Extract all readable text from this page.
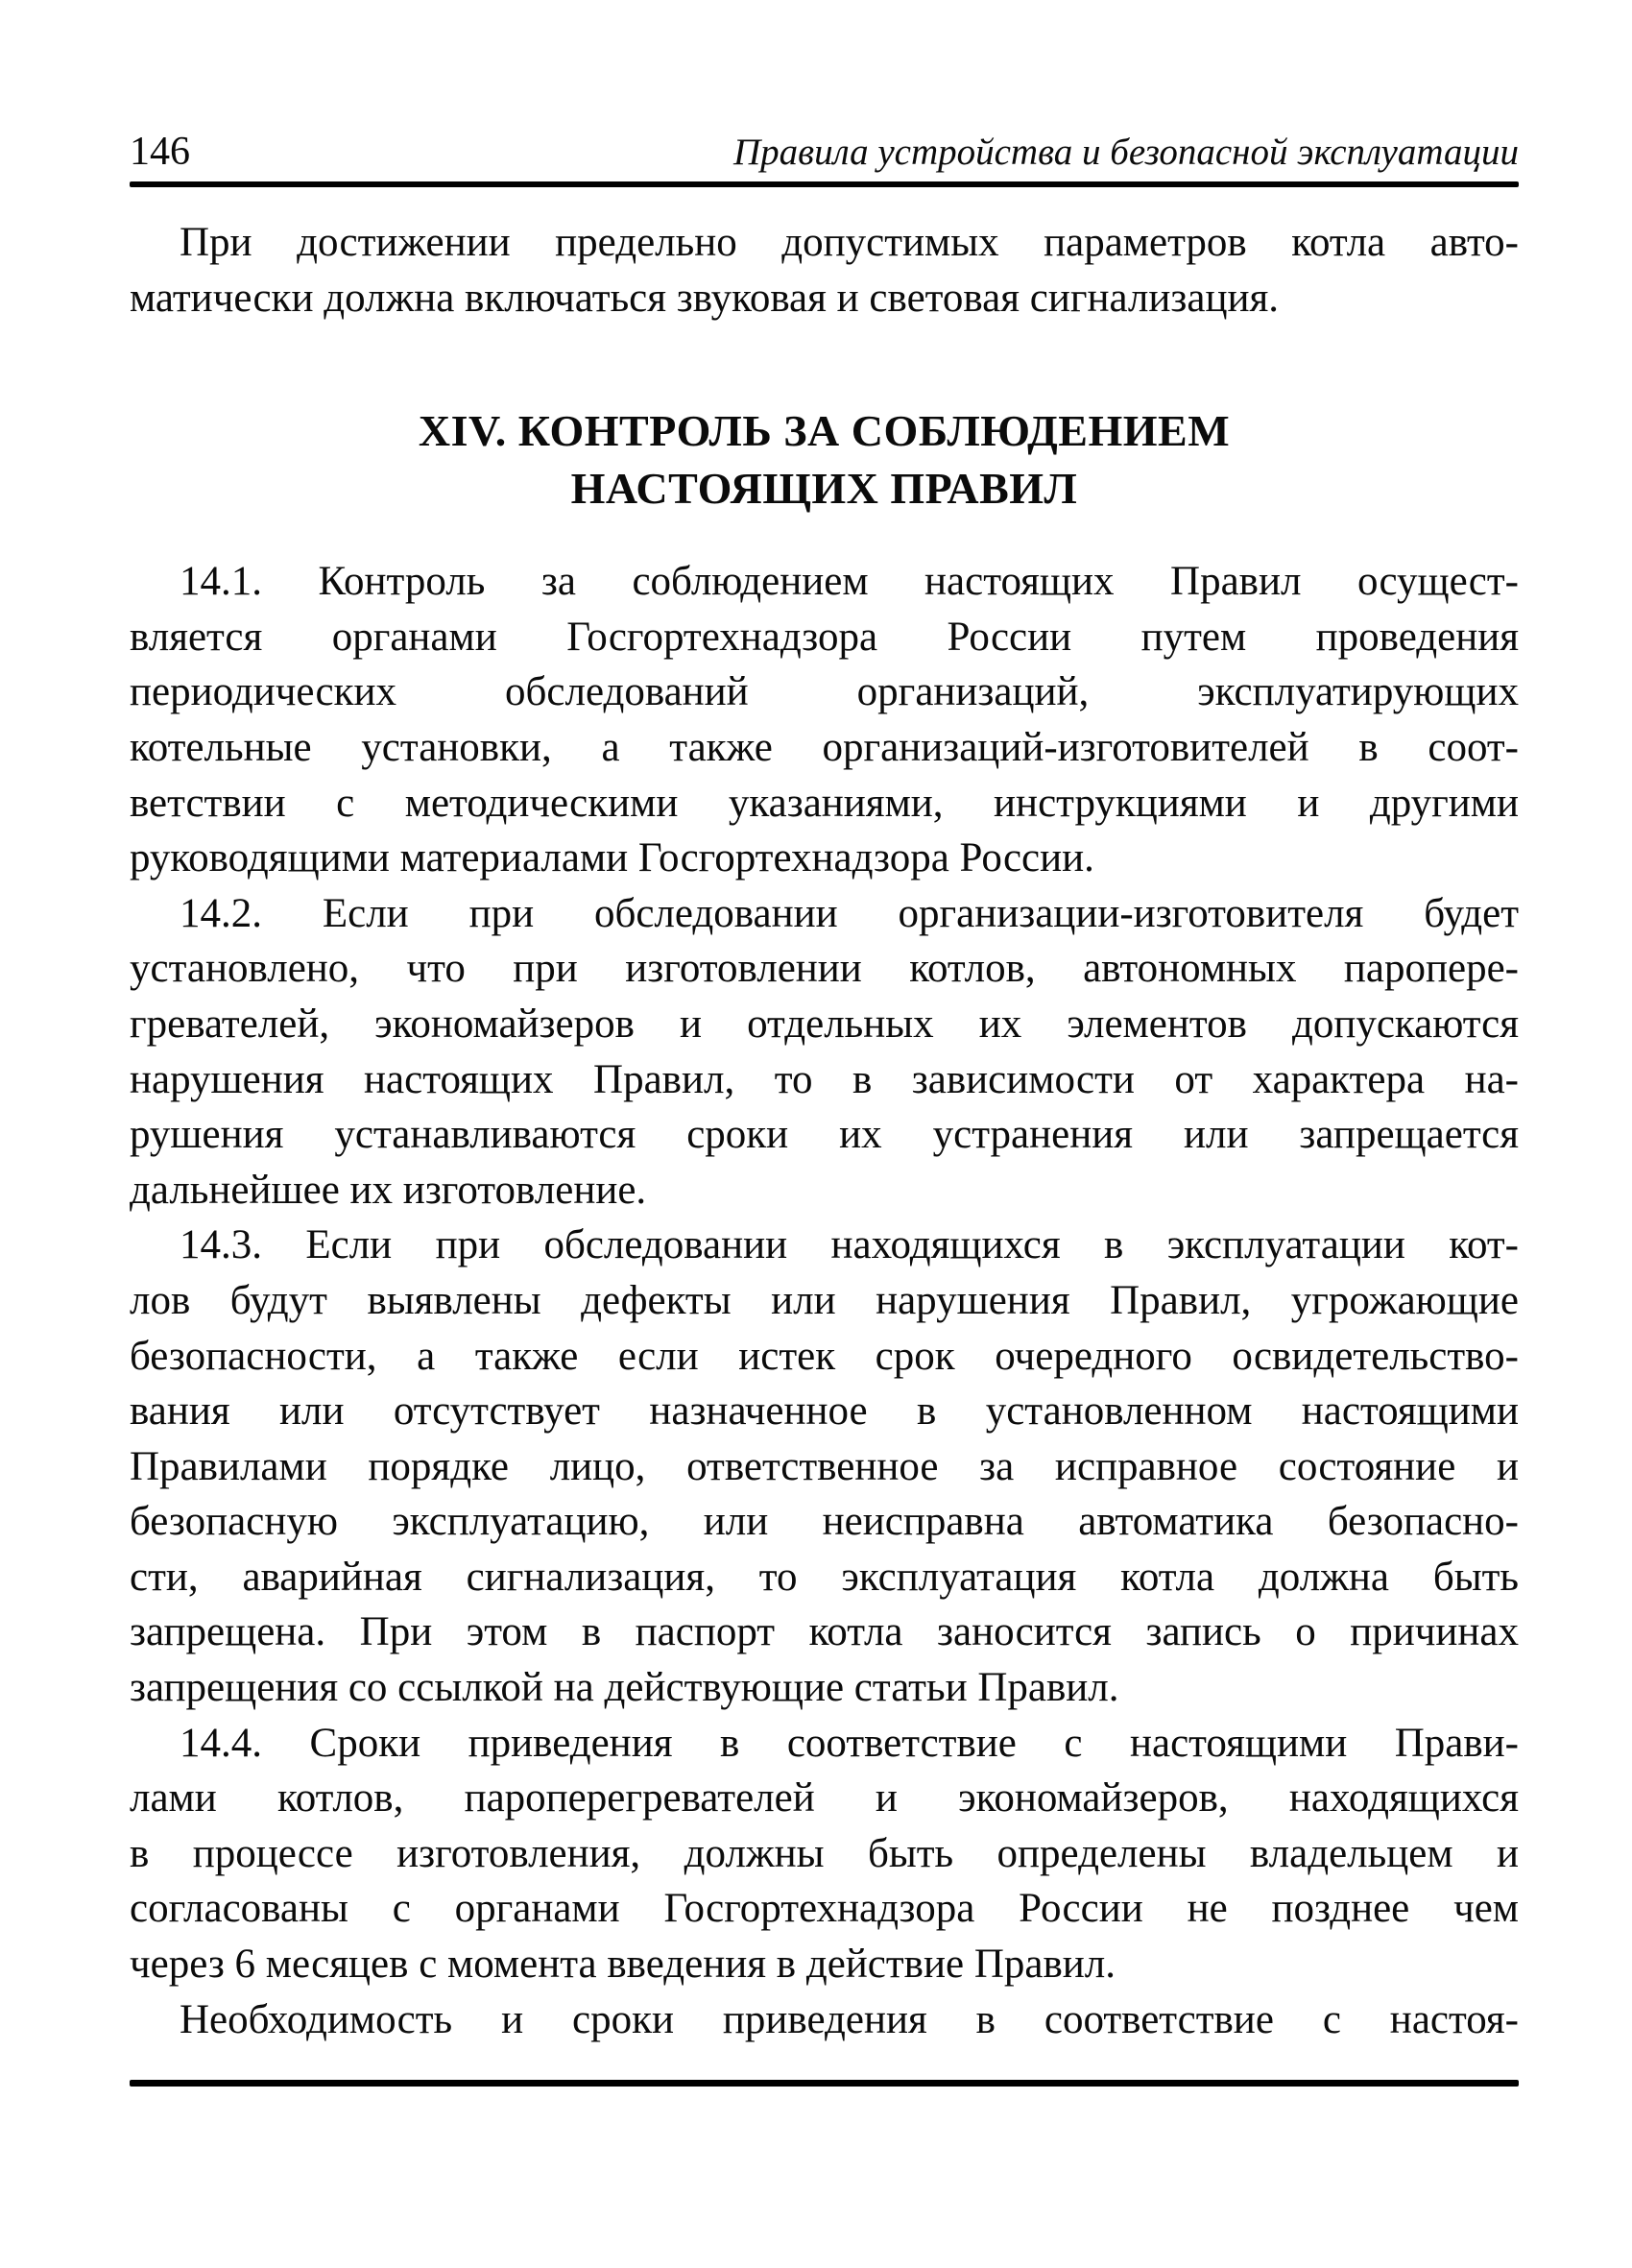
146	Правила устройства и безопасной эксплуатации

При достижении предельно допустимых параметров котла авто-
матически должна включаться звуковая и световая сигнализация.

XIV. КОНТРОЛЬ ЗА СОБЛЮДЕНИЕМ
НАСТОЯЩИХ ПРАВИЛ

14.1. Контроль за соблюдением настоящих Правил осущест-
вляется органами Госгортехнадзора России путем проведения
периодических обследований организаций, эксплуатирующих
котельные установки, а также организаций-изготовителей в соот-
ветствии с методическими указаниями, инструкциями и другими
руководящими материалами Госгортехнадзора России.

14.2. Если при обследовании организации-изготовителя будет
установлено, что при изготовлении котлов, автономных паропере-
гревателей, экономайзеров и отдельных их элементов допускаются
нарушения настоящих Правил, то в зависимости от характера на-
рушения устанавливаются сроки их устранения или запрещается
дальнейшее их изготовление.

14.3. Если при обследовании находящихся в эксплуатации кот-
лов будут выявлены дефекты или нарушения Правил, угрожающие
безопасности, а также если истек срок очередного освидетельство-
вания или отсутствует назначенное в установленном настоящими
Правилами порядке лицо, ответственное за исправное состояние и
безопасную эксплуатацию, или неисправна автоматика безопасно-
сти, аварийная сигнализация, то эксплуатация котла должна быть
запрещена. При этом в паспорт котла заносится запись о причинах
запрещения со ссылкой на действующие статьи Правил.

14.4. Сроки приведения в соответствие с настоящими Прави-
лами котлов, пароперегревателей и экономайзеров, находящихся
в процессе изготовления, должны быть определены владельцем и
согласованы с органами Госгортехнадзора России не позднее чем
через 6 месяцев с момента введения в действие Правил.

Необходимость и сроки приведения в соответствие с настоя-
